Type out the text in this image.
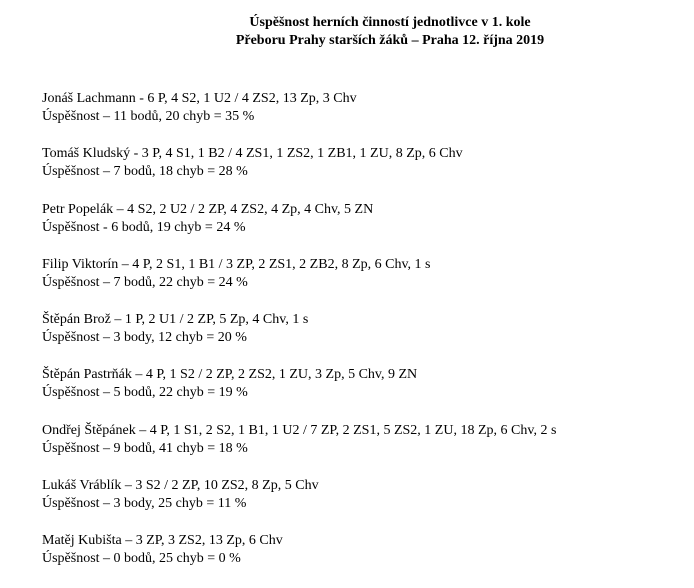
Úspěšnost herních činností jednotlivce v 1. kole
Přeboru Prahy starších žáků – Praha 12. října 2019
Jonáš Lachmann - 6 P, 4 S2, 1 U2 / 4 ZS2, 13 Zp, 3 Chv
Úspěšnost – 11 bodů, 20 chyb = 35 %
Tomáš Kludský - 3 P, 4 S1, 1 B2 / 4 ZS1, 1 ZS2, 1 ZB1, 1 ZU, 8 Zp, 6 Chv
Úspěšnost – 7 bodů, 18 chyb = 28 %
Petr Popelák – 4 S2, 2 U2 / 2 ZP, 4 ZS2, 4 Zp, 4 Chv, 5 ZN
Úspěšnost - 6 bodů, 19 chyb = 24 %
Filip Viktorín – 4 P, 2 S1, 1 B1 / 3 ZP, 2 ZS1, 2 ZB2, 8 Zp, 6 Chv, 1 s
Úspěšnost – 7 bodů, 22 chyb = 24 %
Štěpán Brož – 1 P, 2 U1 / 2 ZP, 5 Zp, 4 Chv, 1 s
Úspěšnost – 3 body, 12 chyb = 20 %
Štěpán Pastrňák – 4 P, 1 S2 / 2 ZP, 2 ZS2, 1 ZU, 3 Zp, 5 Chv, 9 ZN
Úspěšnost – 5 bodů, 22 chyb = 19 %
Ondřej Štěpánek – 4 P, 1 S1, 2 S2, 1 B1, 1 U2 / 7 ZP, 2 ZS1, 5 ZS2, 1 ZU, 18 Zp, 6 Chv, 2 s
Úspěšnost – 9 bodů, 41 chyb = 18 %
Lukáš Vráblík – 3 S2 / 2 ZP, 10 ZS2, 8 Zp, 5 Chv
Úspěšnost – 3 body, 25 chyb = 11 %
Matěj Kubišta – 3 ZP, 3 ZS2, 13 Zp, 6 Chv
Úspěšnost – 0 bodů, 25 chyb = 0 %
